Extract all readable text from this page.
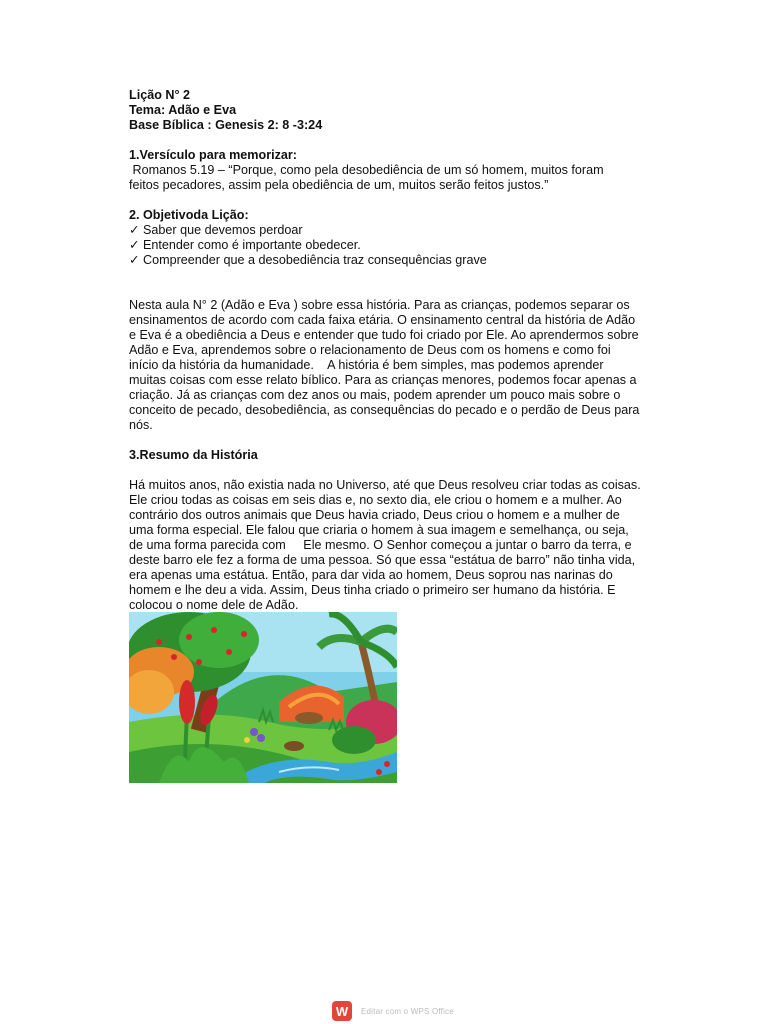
Lição N° 2
Tema: Adão e Eva
Base Bíblica : Genesis 2: 8 -3:24
1.Versículo para memorizar:
Romanos 5.19 – “Porque, como pela desobediência de um só homem, muitos foram
feitos pecadores, assim pela obediência de um, muitos serão feitos justos.”
2. Objetivoda Lição:
✓ Saber que devemos perdoar
✓ Entender como é importante obedecer.
✓ Compreender que a desobediência traz consequências grave
Nesta aula N° 2 (Adão e Eva ) sobre essa história. Para as crianças, podemos separar os
ensinamentos de acordo com cada faixa etária. O ensinamento central da história de Adão
e Eva é a obediência a Deus e entender que tudo foi criado por Ele. Ao aprendermos sobre
Adão e Eva, aprendemos sobre o relacionamento de Deus com os homens e como foi
início da história da humanidade.    A história é bem simples, mas podemos aprender
muitas coisas com esse relato bíblico. Para as crianças menores, podemos focar apenas a
criação. Já as crianças com dez anos ou mais, podem aprender um pouco mais sobre o
conceito de pecado, desobediência, as consequências do pecado e o perdão de Deus para
nós.
3.Resumo da História
Há muitos anos, não existia nada no Universo, até que Deus resolveu criar todas as coisas.
Ele criou todas as coisas em seis dias e, no sexto dia, ele criou o homem e a mulher. Ao
contrário dos outros animais que Deus havia criado, Deus criou o homem e a mulher de
uma forma especial. Ele falou que criaria o homem à sua imagem e semelhança, ou seja,
de uma forma parecida com     Ele mesmo. O Senhor começou a juntar o barro da terra, e
deste barro ele fez a forma de uma pessoa. Só que essa “estátua de barro” não tinha vida,
era apenas uma estátua. Então, para dar vida ao homem, Deus soprou nas narinas do
homem e lhe deu a vida. Assim, Deus tinha criado o primeiro ser humano da história. E
colocou o nome dele de Adão.
W	Editar com o WPS Office
